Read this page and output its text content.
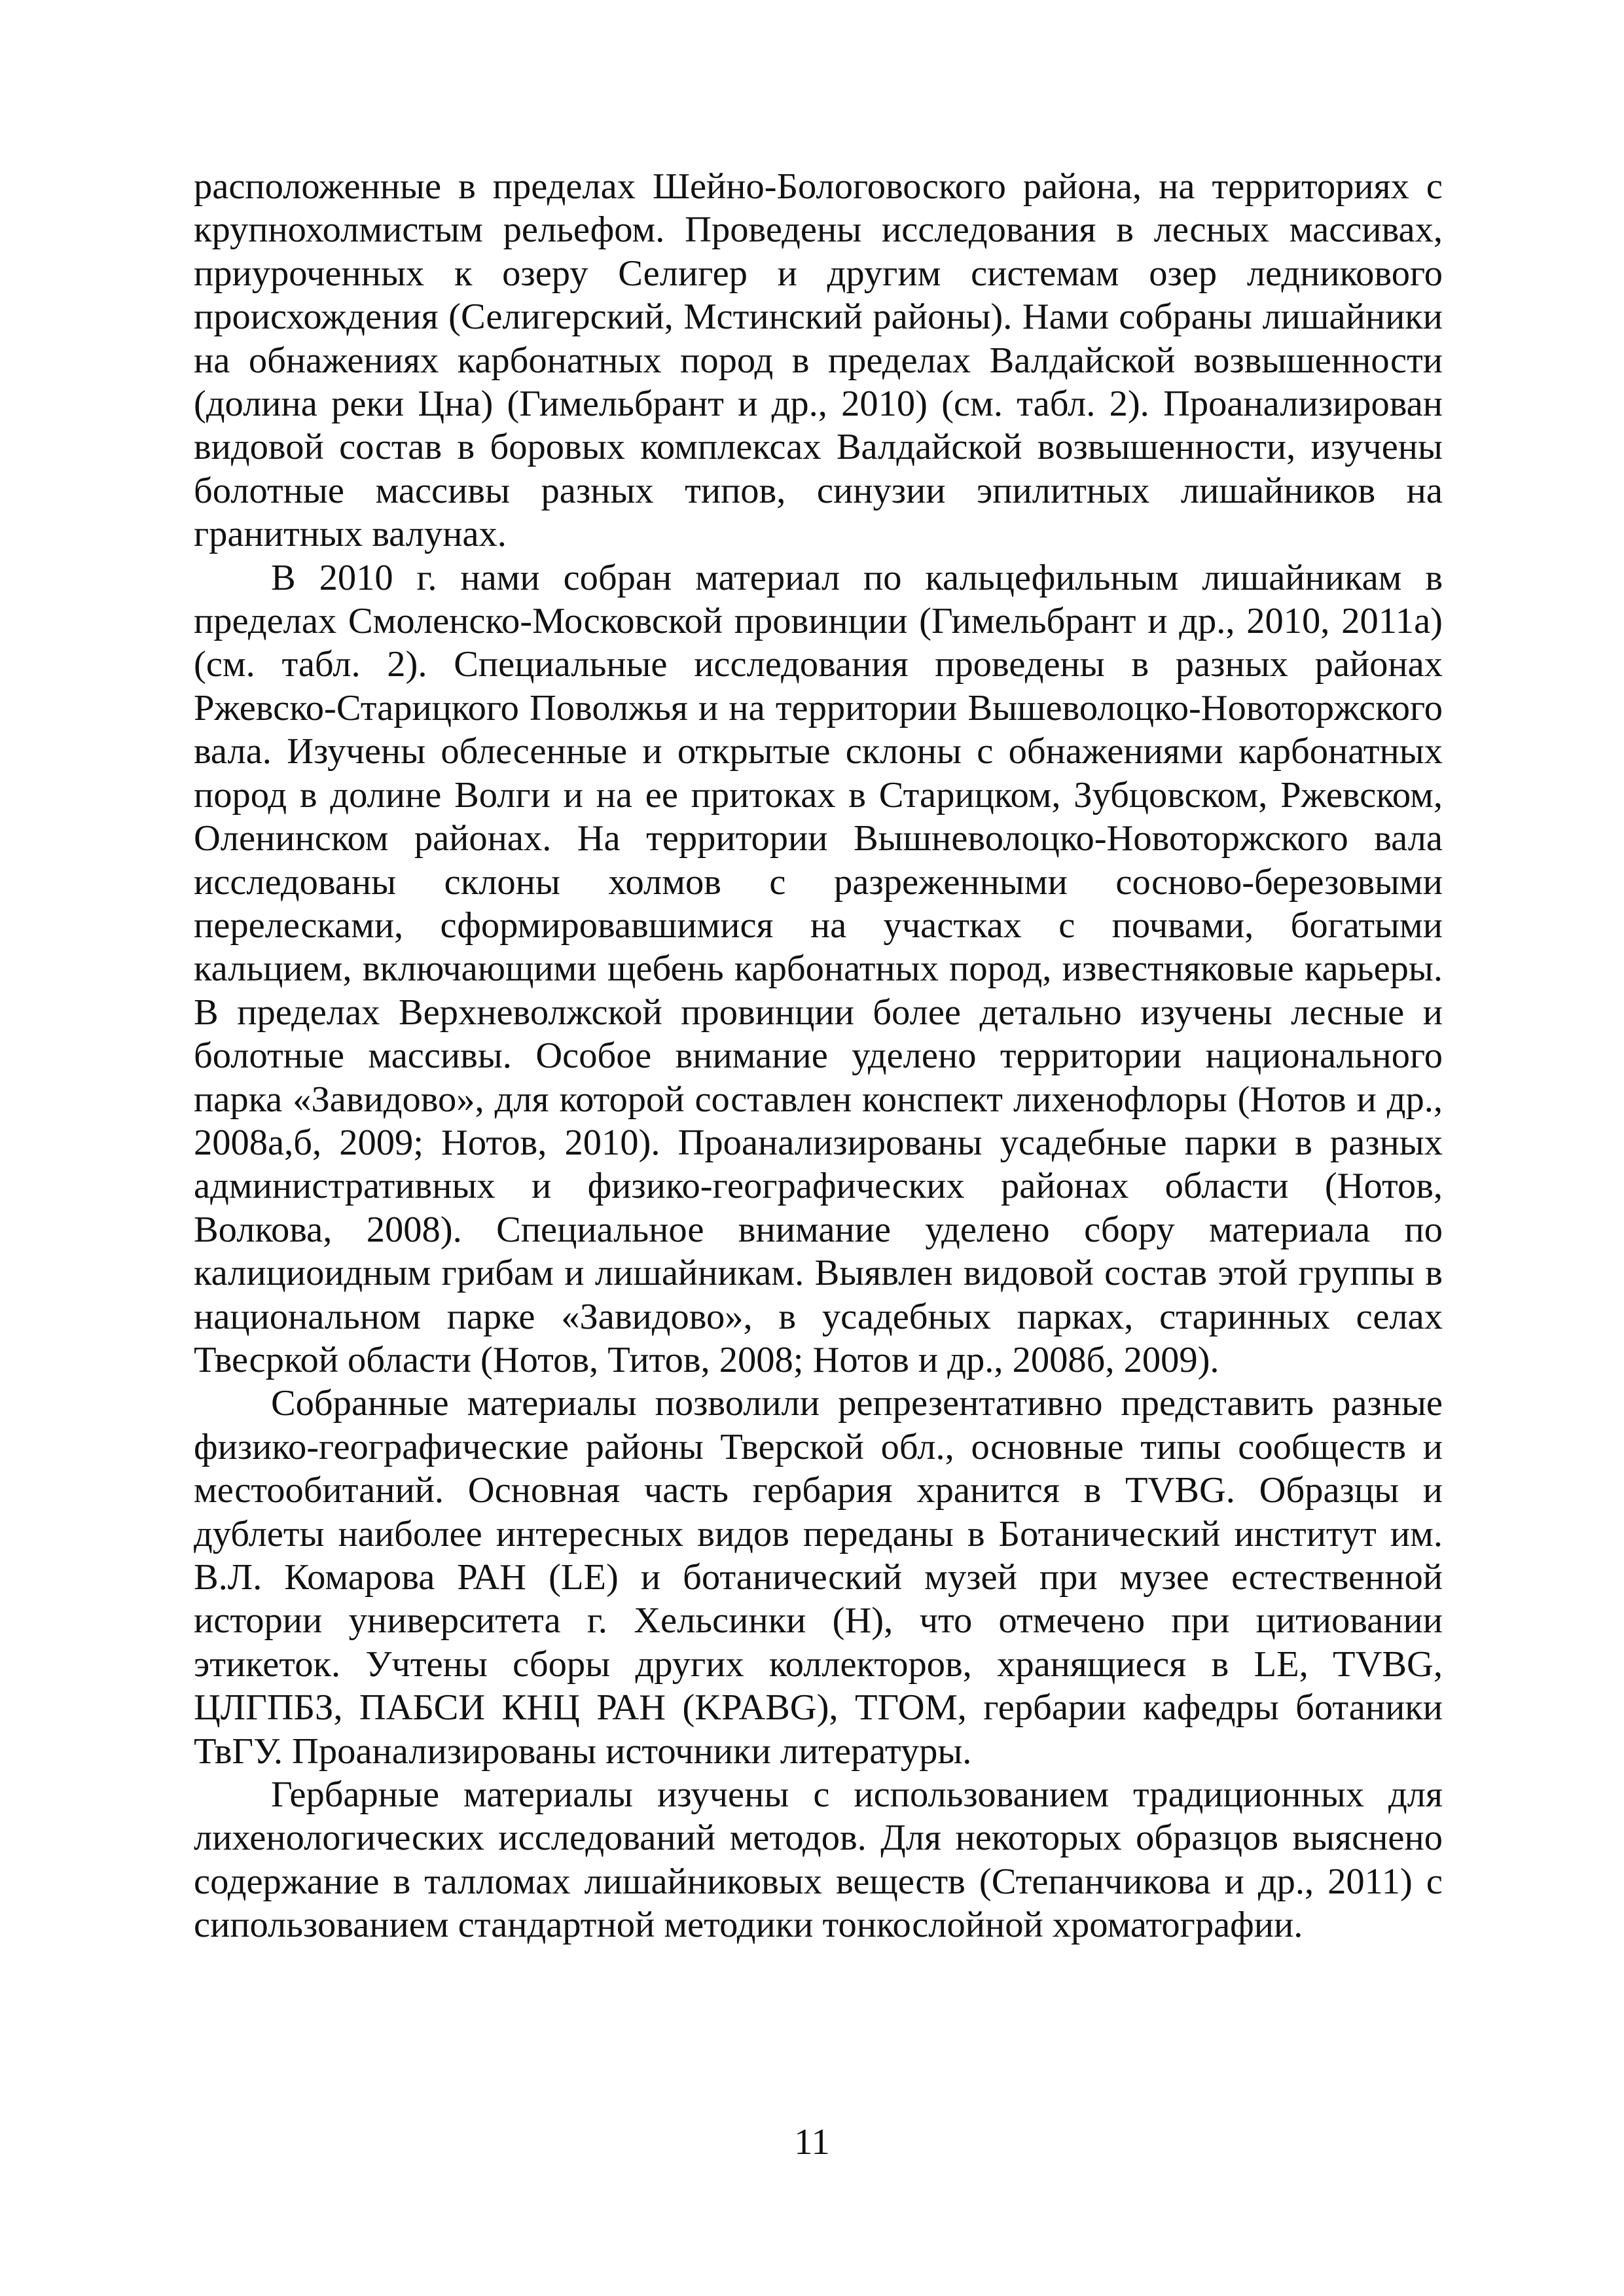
расположенные в пределах Шейно-Бологовоского района, на территориях с крупнохолмистым рельефом. Проведены исследования в лесных массивах, приуроченных к озеру Селигер и другим системам озер ледникового происхождения (Селигерский, Мстинский районы). Нами собраны лишайники на обнажениях карбонатных пород в пределах Валдайской возвышенности (долина реки Цна) (Гимельбрант и др., 2010) (см. табл. 2). Проанализирован видовой состав в боровых комплексах Валдайской возвышенности, изучены болотные массивы разных типов, синузии эпилитных лишайников на гранитных валунах.

В 2010 г. нами собран материал по кальцефильным лишайникам в пределах Смоленско-Московской провинции (Гимельбрант и др., 2010, 2011а) (см. табл. 2). Специальные исследования проведены в разных районах Ржевско-Старицкого Поволжья и на территории Вышеволоцко-Новоторжского вала. Изучены облесенные и открытые склоны с обнажениями карбонатных пород в долине Волги и на ее притоках в Старицком, Зубцовском, Ржевском, Оленинском районах. На территории Вышневолоцко-Новоторжского вала исследованы склоны холмов с разреженными сосново-березовыми перелесками, сформировавшимися на участках с почвами, богатыми кальцием, включающими щебень карбонатных пород, известняковые карьеры. В пределах Верхневолжской провинции более детально изучены лесные и болотные массивы. Особое внимание уделено территории национального парка «Завидово», для которой составлен конспект лихенофлоры (Нотов и др., 2008а,б, 2009; Нотов, 2010). Проанализированы усадебные парки в разных административных и физико-географических районах области (Нотов, Волкова, 2008). Специальное внимание уделено сбору материала по калициоидным грибам и лишайникам. Выявлен видовой состав этой группы в национальном парке «Завидово», в усадебных парках, старинных селах Твесркой области (Нотов, Титов, 2008; Нотов и др., 2008б, 2009).

Собранные материалы позволили репрезентативно представить разные физико-географические районы Тверской обл., основные типы сообществ и местообитаний. Основная часть гербария хранится в TVBG. Образцы и дублеты наиболее интересных видов переданы в Ботанический институт им. В.Л. Комарова РАН (LE) и ботанический музей при музее естественной истории университета г. Хельсинки (H), что отмечено при цитиовании этикеток. Учтены сборы других коллекторов, хранящиеся в LE, TVBG, ЦЛГПБЗ, ПАБСИ КНЦ РАН (KPABG), ТГОМ, гербарии кафедры ботаники ТвГУ. Проанализированы источники литературы.

Гербарные материалы изучены с использованием традиционных для лихенологических исследований методов. Для некоторых образцов выяснено содержание в талломах лишайниковых веществ (Степанчикова и др., 2011) с сипользованием стандартной методики тонкослойной хроматографии.

11
